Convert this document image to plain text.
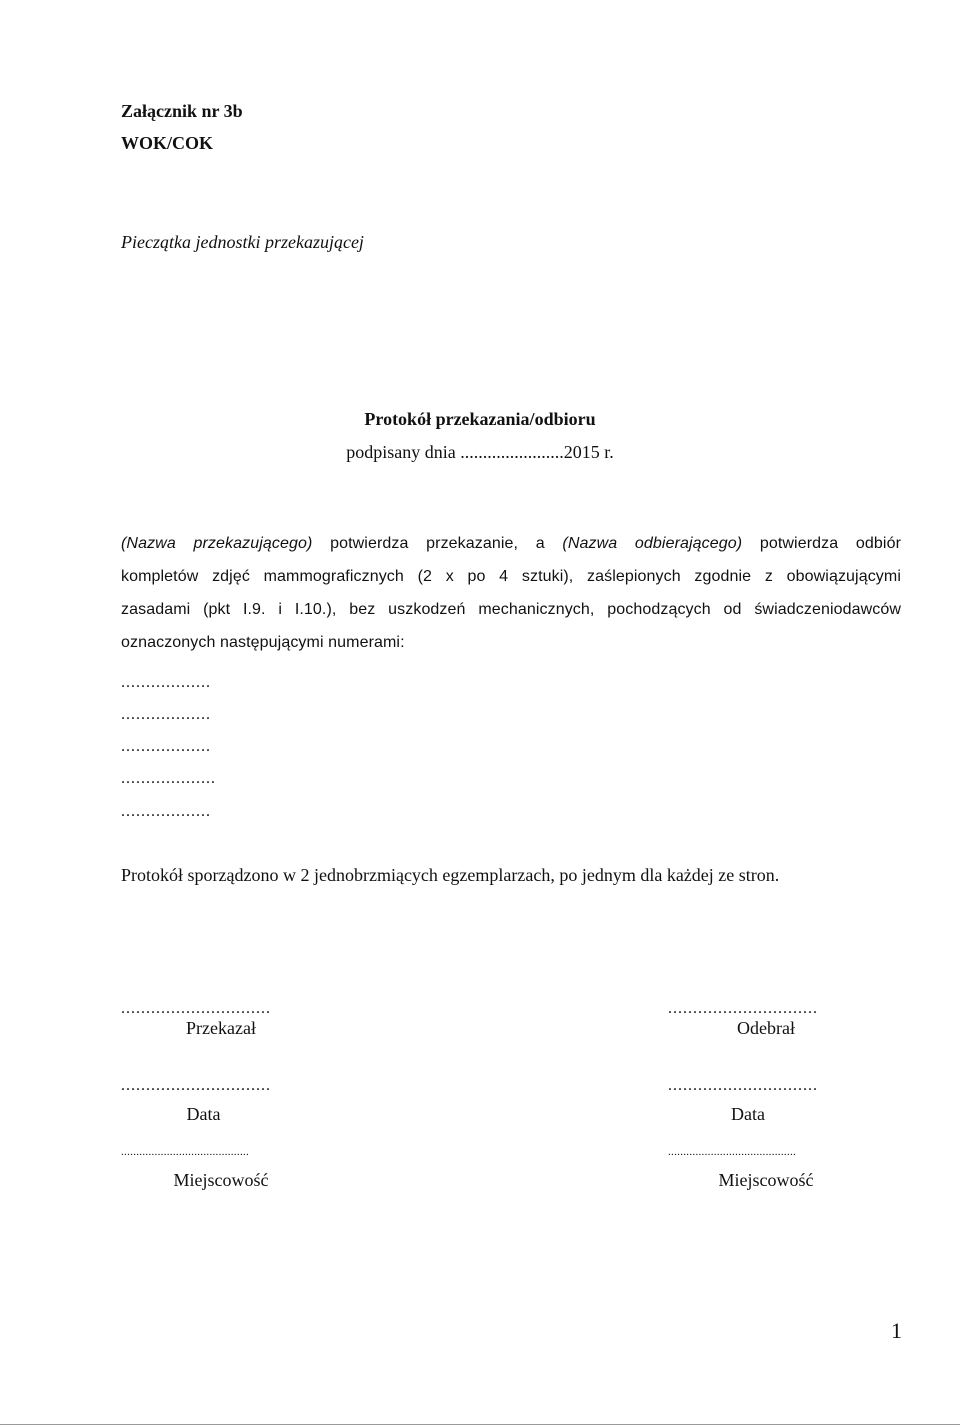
Załącznik nr 3b
WOK/COK
Pieczątka jednostki przekazującej
Protokół przekazania/odbioru
podpisany dnia .......................2015 r.
(Nazwa przekazującego) potwierdza przekazanie, a (Nazwa odbierającego) potwierdza odbiór
kompletów zdjęć mammograficznych (2 x po 4 sztuki), zaślepionych zgodnie z obowiązującymi
zasadami (pkt I.9. i I.10.), bez uszkodzeń mechanicznych, pochodzących od świadczeniodawców
oznaczonych następującymi numerami:
..................
..................
..................
...................
..................
Protokół sporządzono w 2 jednobrzmiących egzemplarzach, po jednym dla każdej ze stron.
..............................
Przekazał
..............................
Data
..........................................
Miejscowość
..............................
Odebrał
..............................
Data
..........................................
Miejscowość
1
